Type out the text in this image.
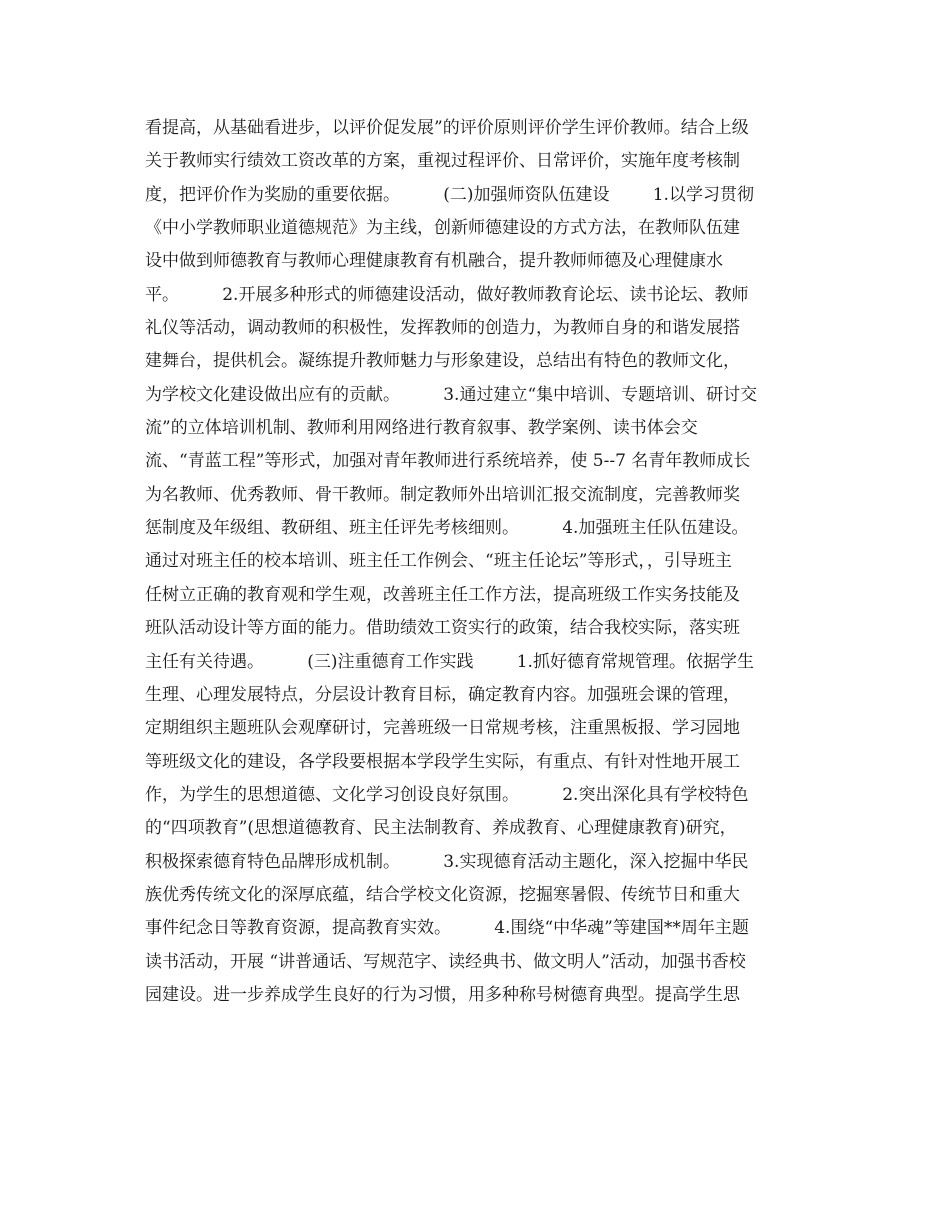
看提高，从基础看进步，以评价促发展”的评价原则评价学生评价教师。结合上级
关于教师实行绩效工资改革的方案，重视过程评价、日常评价，实施年度考核制
度，把评价作为奖励的重要依据。        (二)加强师资队伍建设        1.以学习贯彻
《中小学教师职业道德规范》为主线，创新师德建设的方式方法，在教师队伍建
设中做到师德教育与教师心理健康教育有机融合，提升教师师德及心理健康水
平。        2.开展多种形式的师德建设活动，做好教师教育论坛、读书论坛、教师
礼仪等活动，调动教师的积极性，发挥教师的创造力，为教师自身的和谐发展搭
建舞台，提供机会。凝练提升教师魅力与形象建设，总结出有特色的教师文化，
为学校文化建设做出应有的贡献。        3.通过建立“集中培训、专题培训、研讨交
流”的立体培训机制、教师利用网络进行教育叙事、教学案例、读书体会交
流、“青蓝工程”等形式，加强对青年教师进行系统培养，使 5--7 名青年教师成长
为名教师、优秀教师、骨干教师。制定教师外出培训汇报交流制度，完善教师奖
惩制度及年级组、教研组、班主任评先考核细则。        4.加强班主任队伍建设。
通过对班主任的校本培训、班主任工作例会、“班主任论坛”等形式，，引导班主
任树立正确的教育观和学生观，改善班主任工作方法，提高班级工作实务技能及
班队活动设计等方面的能力。借助绩效工资实行的政策，结合我校实际，落实班
主任有关待遇。        (三)注重德育工作实践        1.抓好德育常规管理。依据学生
生理、心理发展特点，分层设计教育目标，确定教育内容。加强班会课的管理，
定期组织主题班队会观摩研讨，完善班级一日常规考核，注重黑板报、学习园地
等班级文化的建设，各学段要根据本学段学生实际，有重点、有针对性地开展工
作，为学生的思想道德、文化学习创设良好氛围。        2.突出深化具有学校特色
的“四项教育”(思想道德教育、民主法制教育、养成教育、心理健康教育)研究，
积极探索德育特色品牌形成机制。        3.实现德育活动主题化，深入挖掘中华民
族优秀传统文化的深厚底蕴，结合学校文化资源，挖掘寒暑假、传统节日和重大
事件纪念日等教育资源，提高教育实效。        4.围绕“中华魂”等建国**周年主题
读书活动，开展 “讲普通话、写规范字、读经典书、做文明人”活动，加强书香校
园建设。进一步养成学生良好的行为习惯，用多种称号树德育典型。提高学生思
